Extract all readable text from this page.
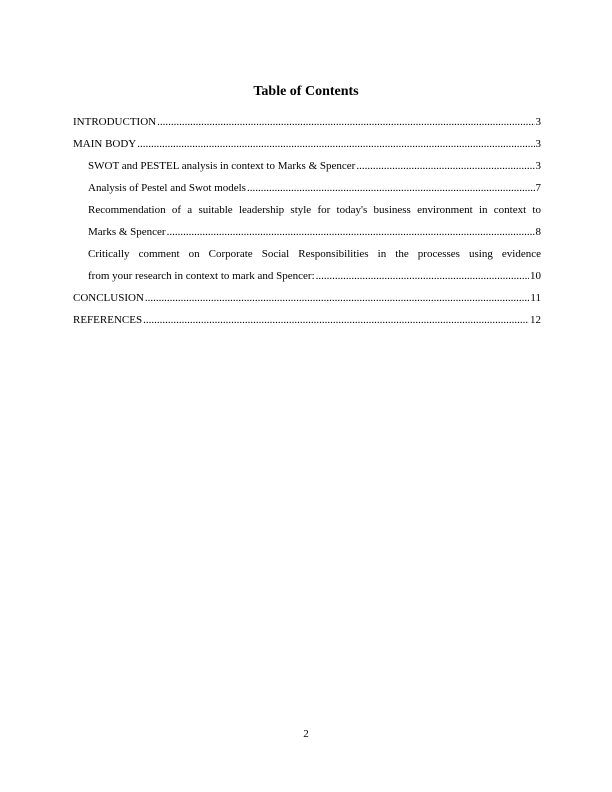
Table of Contents
INTRODUCTION .....	3
MAIN BODY .....	3
SWOT and PESTEL analysis in context to Marks & Spencer .....	3
Analysis of Pestel and Swot models .....	7
Recommendation of a suitable leadership style for today's business environment in context to
Marks & Spencer .....	8
Critically comment on Corporate Social Responsibilities in the processes using evidence
from your research in context to mark and Spencer: .....	10
CONCLUSION .....	11
REFERENCES .....	12
2
